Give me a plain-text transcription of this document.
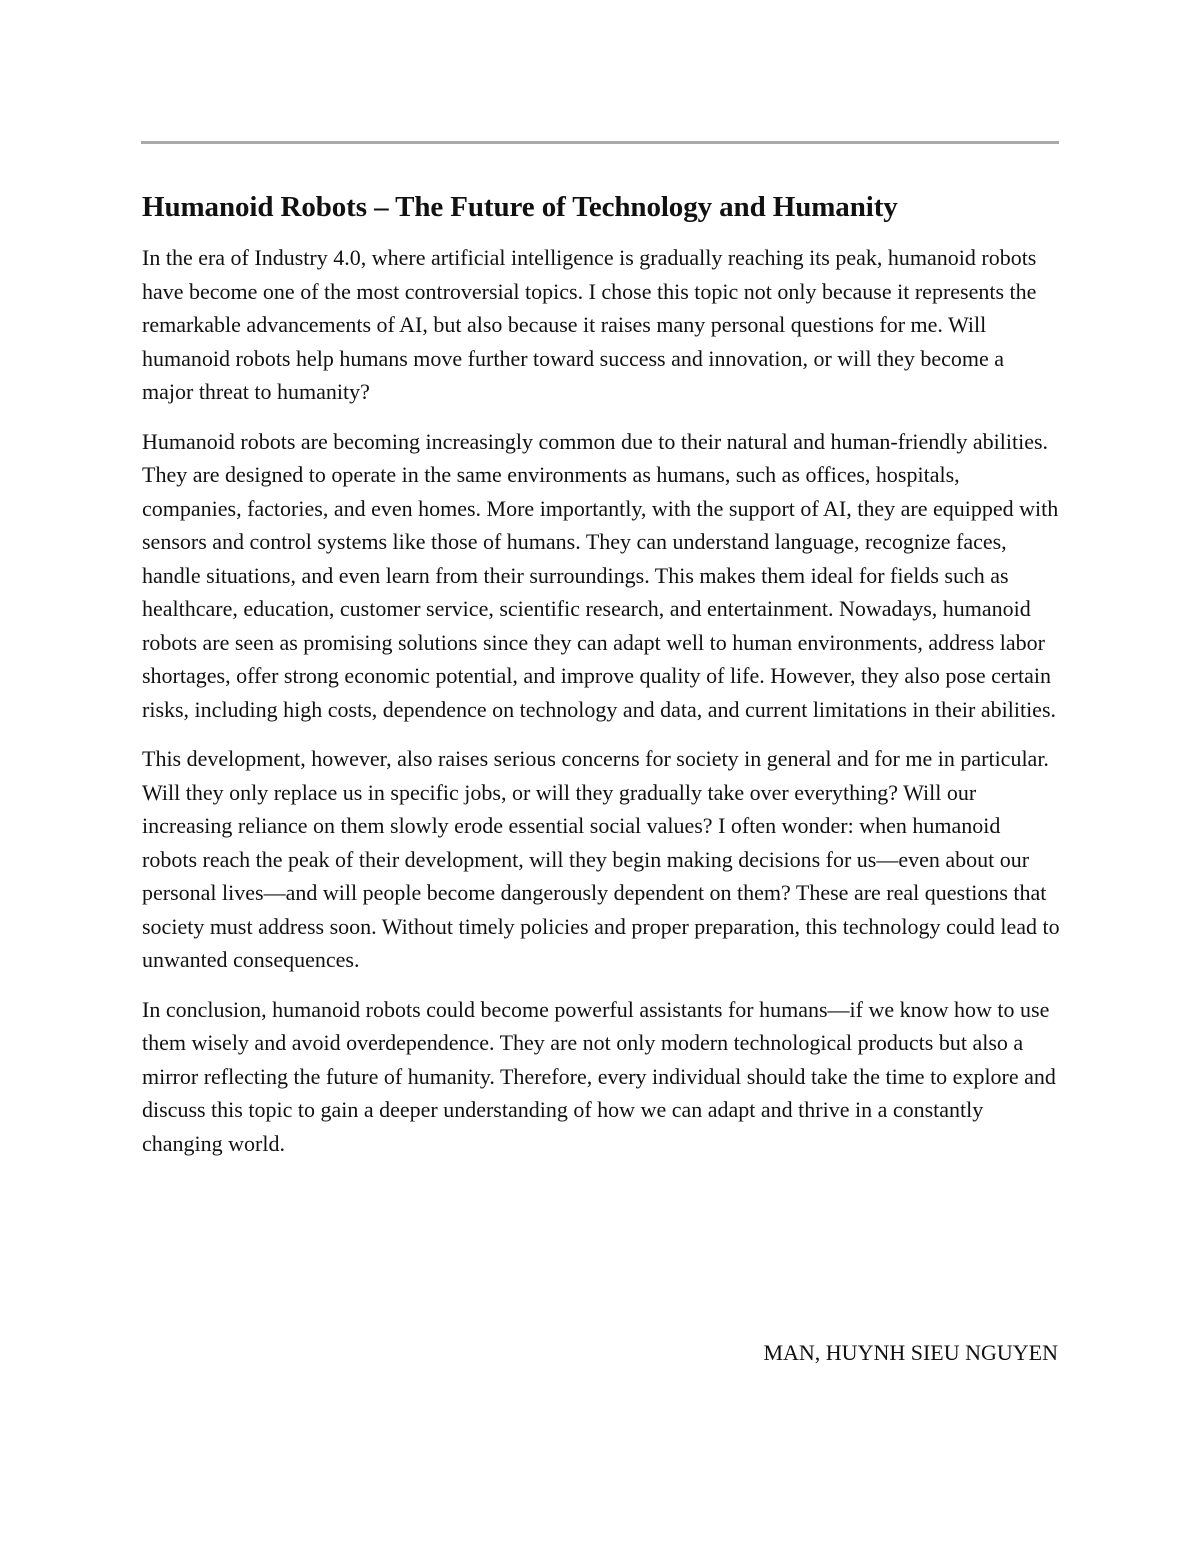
Humanoid Robots – The Future of Technology and Humanity

In the era of Industry 4.0, where artificial intelligence is gradually reaching its peak, humanoid robots have become one of the most controversial topics. I chose this topic not only because it represents the remarkable advancements of AI, but also because it raises many personal questions for me. Will humanoid robots help humans move further toward success and innovation, or will they become a major threat to humanity?

Humanoid robots are becoming increasingly common due to their natural and human-friendly abilities. They are designed to operate in the same environments as humans, such as offices, hospitals, companies, factories, and even homes. More importantly, with the support of AI, they are equipped with sensors and control systems like those of humans. They can understand language, recognize faces, handle situations, and even learn from their surroundings. This makes them ideal for fields such as healthcare, education, customer service, scientific research, and entertainment. Nowadays, humanoid robots are seen as promising solutions since they can adapt well to human environments, address labor shortages, offer strong economic potential, and improve quality of life. However, they also pose certain risks, including high costs, dependence on technology and data, and current limitations in their abilities.

This development, however, also raises serious concerns for society in general and for me in particular. Will they only replace us in specific jobs, or will they gradually take over everything? Will our increasing reliance on them slowly erode essential social values? I often wonder: when humanoid robots reach the peak of their development, will they begin making decisions for us—even about our personal lives—and will people become dangerously dependent on them? These are real questions that society must address soon. Without timely policies and proper preparation, this technology could lead to unwanted consequences.

In conclusion, humanoid robots could become powerful assistants for humans—if we know how to use them wisely and avoid overdependence. They are not only modern technological products but also a mirror reflecting the future of humanity. Therefore, every individual should take the time to explore and discuss this topic to gain a deeper understanding of how we can adapt and thrive in a constantly changing world.

MAN, HUYNH SIEU NGUYEN
